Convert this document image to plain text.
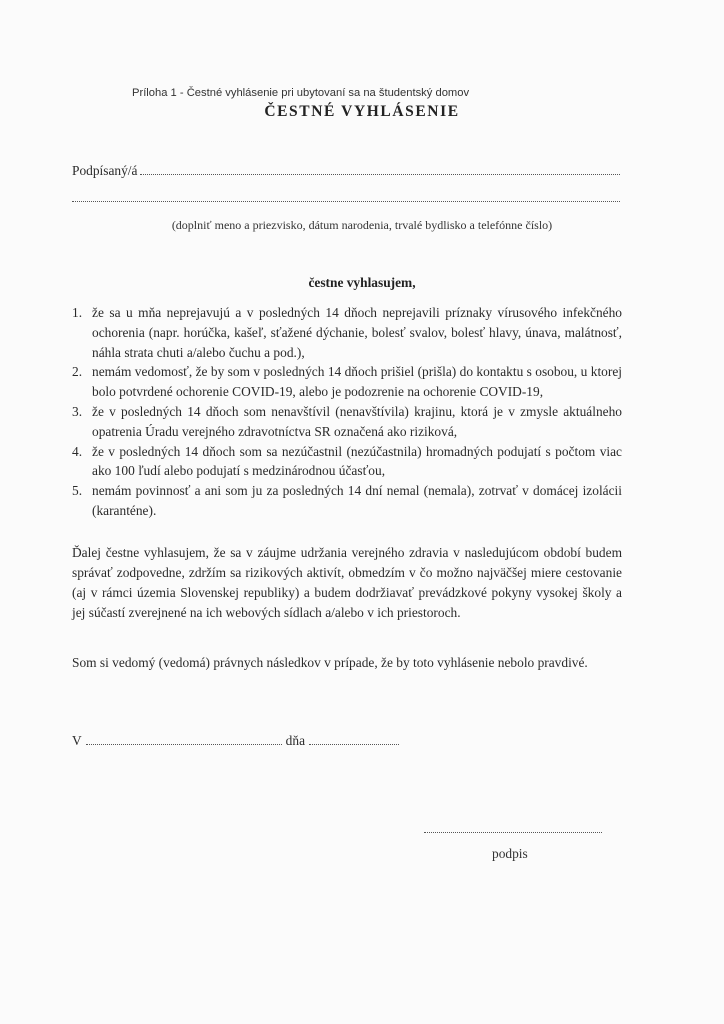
Príloha 1 - Čestné vyhlásenie pri ubytovaní sa na študentský domov
ČESTNÉ VYHLÁSENIE
Podpísaný/á
(doplniť meno a priezvisko, dátum narodenia, trvalé bydlisko a telefónne číslo)
čestne vyhlasujem,
1. že sa u mňa neprejavujú a v posledných 14 dňoch neprejavili príznaky vírusového infekčného ochorenia (napr. horúčka, kašeľ, sťažené dýchanie, bolesť svalov, bolesť hlavy, únava, malátnosť, náhla strata chuti a/alebo čuchu a pod.),
2. nemám vedomosť, že by som v posledných 14 dňoch prišiel (prišla) do kontaktu s osobou, u ktorej bolo potvrdené ochorenie COVID-19, alebo je podozrenie na ochorenie COVID-19,
3. že v posledných 14 dňoch som nenavštívil (nenavštívila) krajinu, ktorá je v zmysle aktuálneho opatrenia Úradu verejného zdravotníctva SR označená ako riziková,
4. že v posledných 14 dňoch som sa nezúčastnil (nezúčastnila) hromadných podujatí s počtom viac ako 100 ľudí alebo podujatí s medzinárodnou účasťou,
5. nemám povinnosť a ani som ju za posledných 14 dní nemal (nemala), zotrvať v domácej izolácii (karanténe).

Ďalej čestne vyhlasujem, že sa v záujme udržania verejného zdravia v nasledujúcom období budem správať zodpovedne, zdržím sa rizikových aktivít, obmedzím v čo možno najväčšej miere cestovanie (aj v rámci územia Slovenskej republiky) a budem dodržiavať prevádzkové pokyny vysokej školy a jej súčastí zverejnené na ich webových sídlach a/alebo v ich priestoroch.

Som si vedomý (vedomá) právnych následkov v prípade, že by toto vyhlásenie nebolo pravdivé.

V	dňa
podpis
